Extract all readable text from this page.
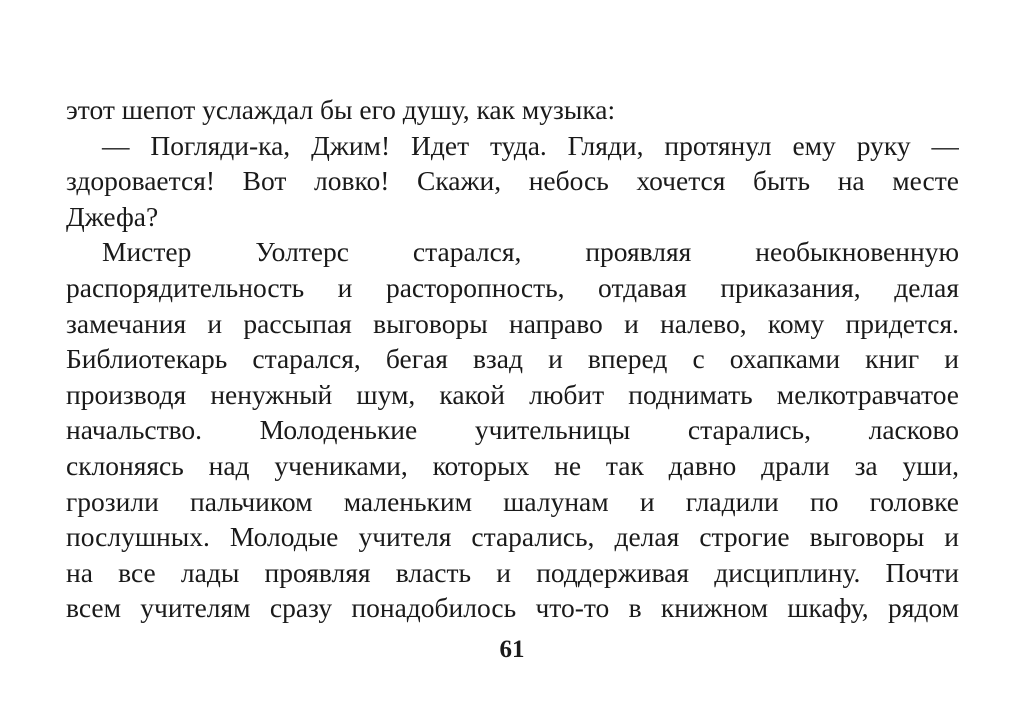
этот шепот услаждал бы его душу, как музыка:
— Погляди-ка, Джим! Идет туда. Гляди, протянул ему руку —
здоровается! Вот ловко! Скажи, небось хочется быть на месте
Джефа?
Мистер Уолтерс старался, проявляя необыкновенную
распорядительность и расторопность, отдавая приказания, делая
замечания и рассыпая выговоры направо и налево, кому придется.
Библиотекарь старался, бегая взад и вперед с охапками книг и
производя ненужный шум, какой любит поднимать мелкотравчатое
начальство. Молоденькие учительницы старались, ласково
склоняясь над учениками, которых не так давно драли за уши,
грозили пальчиком маленьким шалунам и гладили по головке
послушных. Молодые учителя старались, делая строгие выговоры и
на все лады проявляя власть и поддерживая дисциплину. Почти
всем учителям сразу понадобилось что-то в книжном шкафу, рядом
61
